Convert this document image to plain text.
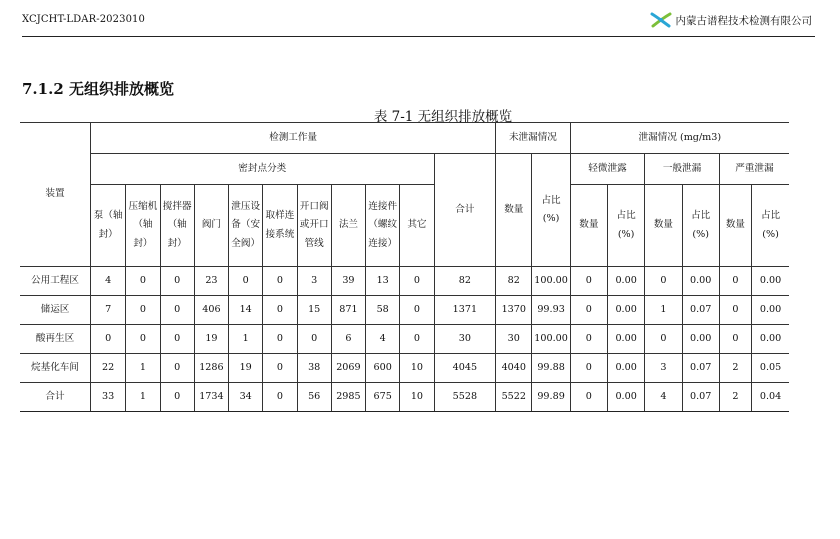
XCJCHT-LDAR-2023010	内蒙古谱程技术检测有限公司
7.1.2 无组织排放概览
表 7-1 无组织排放概览
装置	检测工作量											未泄漏情况		泄漏情况 (mg/m3)					
	密封点分类										合计	数量	占比 (%)	轻微泄露		一般泄漏		严重泄漏	
	泵（轴
封）	压缩机
（轴
封）	搅拌器
（轴
封）	阀门	泄压设
备（安
全阀）	取样连
接系统	开口阀
或开口
管线	法兰	连接件
（螺纹
连接）	其它				数量	占比 (%)	数量	占比 (%)	数量	占比 (%)
公用工程区	4	0	0	23	0	0	3	39	13	0	82	82	100.00	0	0.00	0	0.00	0	0.00
储运区	7	0	0	406	14	0	15	871	58	0	1371	1370	99.93	0	0.00	1	0.07	0	0.00
酸再生区	0	0	0	19	1	0	0	6	4	0	30	30	100.00	0	0.00	0	0.00	0	0.00
烷基化车间	22	1	0	1286	19	0	38	2069	600	10	4045	4040	99.88	0	0.00	3	0.07	2	0.05
合计	33	1	0	1734	34	0	56	2985	675	10	5528	5522	99.89	0	0.00	4	0.07	2	0.04
